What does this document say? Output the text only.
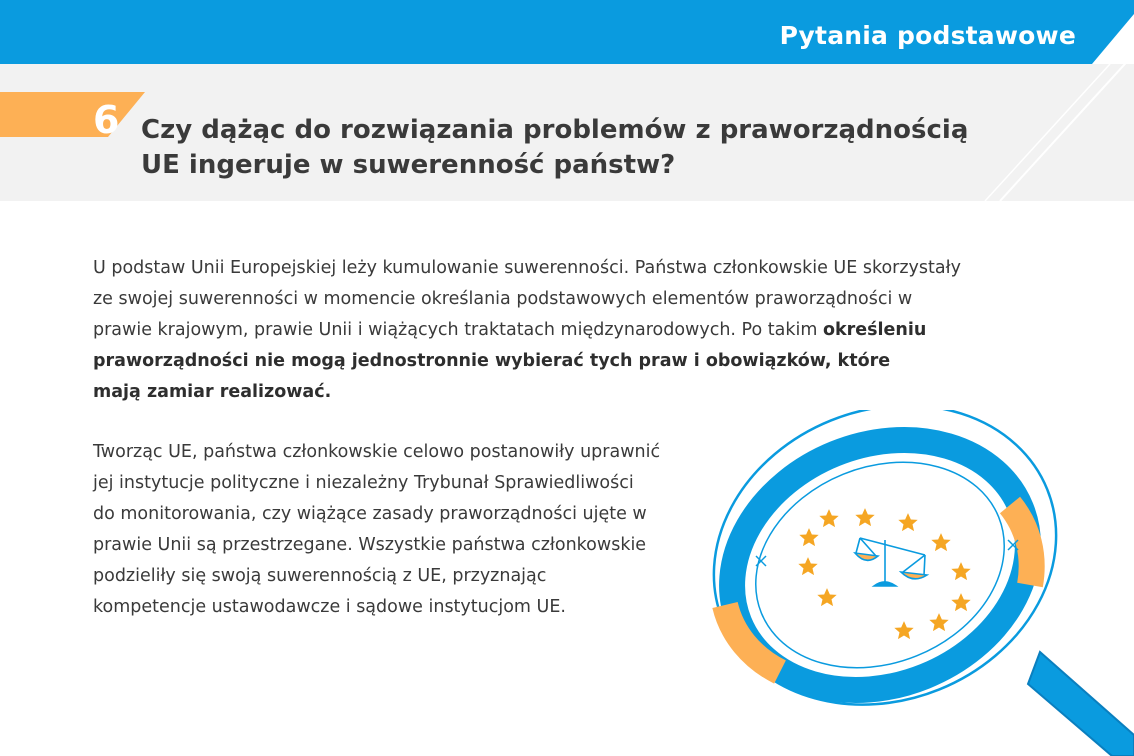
Pytania podstawowe
6 Czy dążąc do rozwiązania problemów z praworządnością
UE ingeruje w suwerenność państw?

U podstaw Unii Europejskiej leży kumulowanie suwerenności. Państwa członkowskie UE skorzystały
ze swojej suwerenności w momencie określania podstawowych elementów praworządności w
prawie krajowym, prawie Unii i wiążących traktatach międzynarodowych. Po takim określeniu
praworządności nie mogą jednostronnie wybierać tych praw i obowiązków, które
mają zamiar realizować.

Tworząc UE, państwa członkowskie celowo postanowiły uprawnić
jej instytucje polityczne i niezależny Trybunał Sprawiedliwości
do monitorowania, czy wiążące zasady praworządności ujęte w
prawie Unii są przestrzegane. Wszystkie państwa członkowskie
podzieliły się swoją suwerennością z UE, przyznając
kompetencje ustawodawcze i sądowe instytucjom UE.
